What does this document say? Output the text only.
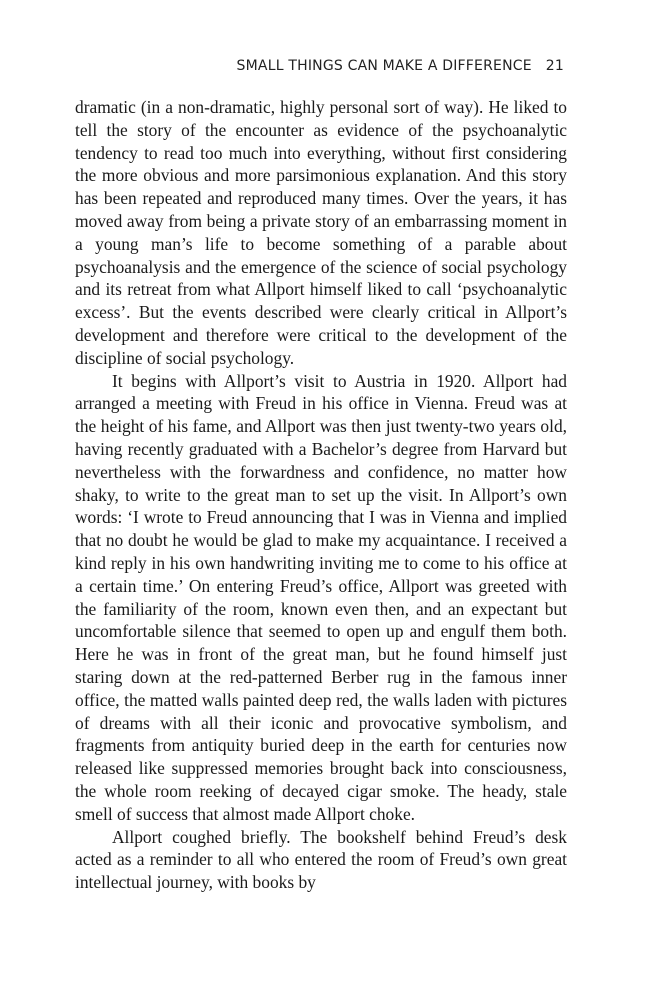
SMALL THINGS CAN MAKE A DIFFERENCE 21

dramatic (in a non-dramatic, highly personal sort of way). He liked to tell the story of the encounter as evidence of the psychoanalytic tendency to read too much into everything, without first considering the more obvious and more parsimonious explanation. And this story has been repeated and reproduced many times. Over the years, it has moved away from being a private story of an embarrassing moment in a young man’s life to become something of a parable about psychoanalysis and the emergence of the science of social psychology and its retreat from what Allport himself liked to call ‘psychoanalytic excess’. But the events described were clearly critical in Allport’s development and therefore were critical to the development of the discipline of social psychology.

It begins with Allport’s visit to Austria in 1920. Allport had arranged a meeting with Freud in his office in Vienna. Freud was at the height of his fame, and Allport was then just twenty-two years old, having recently graduated with a Bachelor’s degree from Harvard but nevertheless with the forwardness and confidence, no matter how shaky, to write to the great man to set up the visit. In Allport’s own words: ‘I wrote to Freud announcing that I was in Vienna and implied that no doubt he would be glad to make my acquaintance. I received a kind reply in his own handwriting inviting me to come to his office at a certain time.’ On entering Freud’s office, Allport was greeted with the familiarity of the room, known even then, and an expectant but uncomfortable silence that seemed to open up and engulf them both. Here he was in front of the great man, but he found himself just staring down at the red-patterned Berber rug in the famous inner office, the matted walls painted deep red, the walls laden with pictures of dreams with all their iconic and provocative symbolism, and fragments from antiquity buried deep in the earth for centuries now released like suppressed memories brought back into consciousness, the whole room reeking of decayed cigar smoke. The heady, stale smell of success that almost made Allport choke.

Allport coughed briefly. The bookshelf behind Freud’s desk acted as a reminder to all who entered the room of Freud’s own great intellectual journey, with books by
